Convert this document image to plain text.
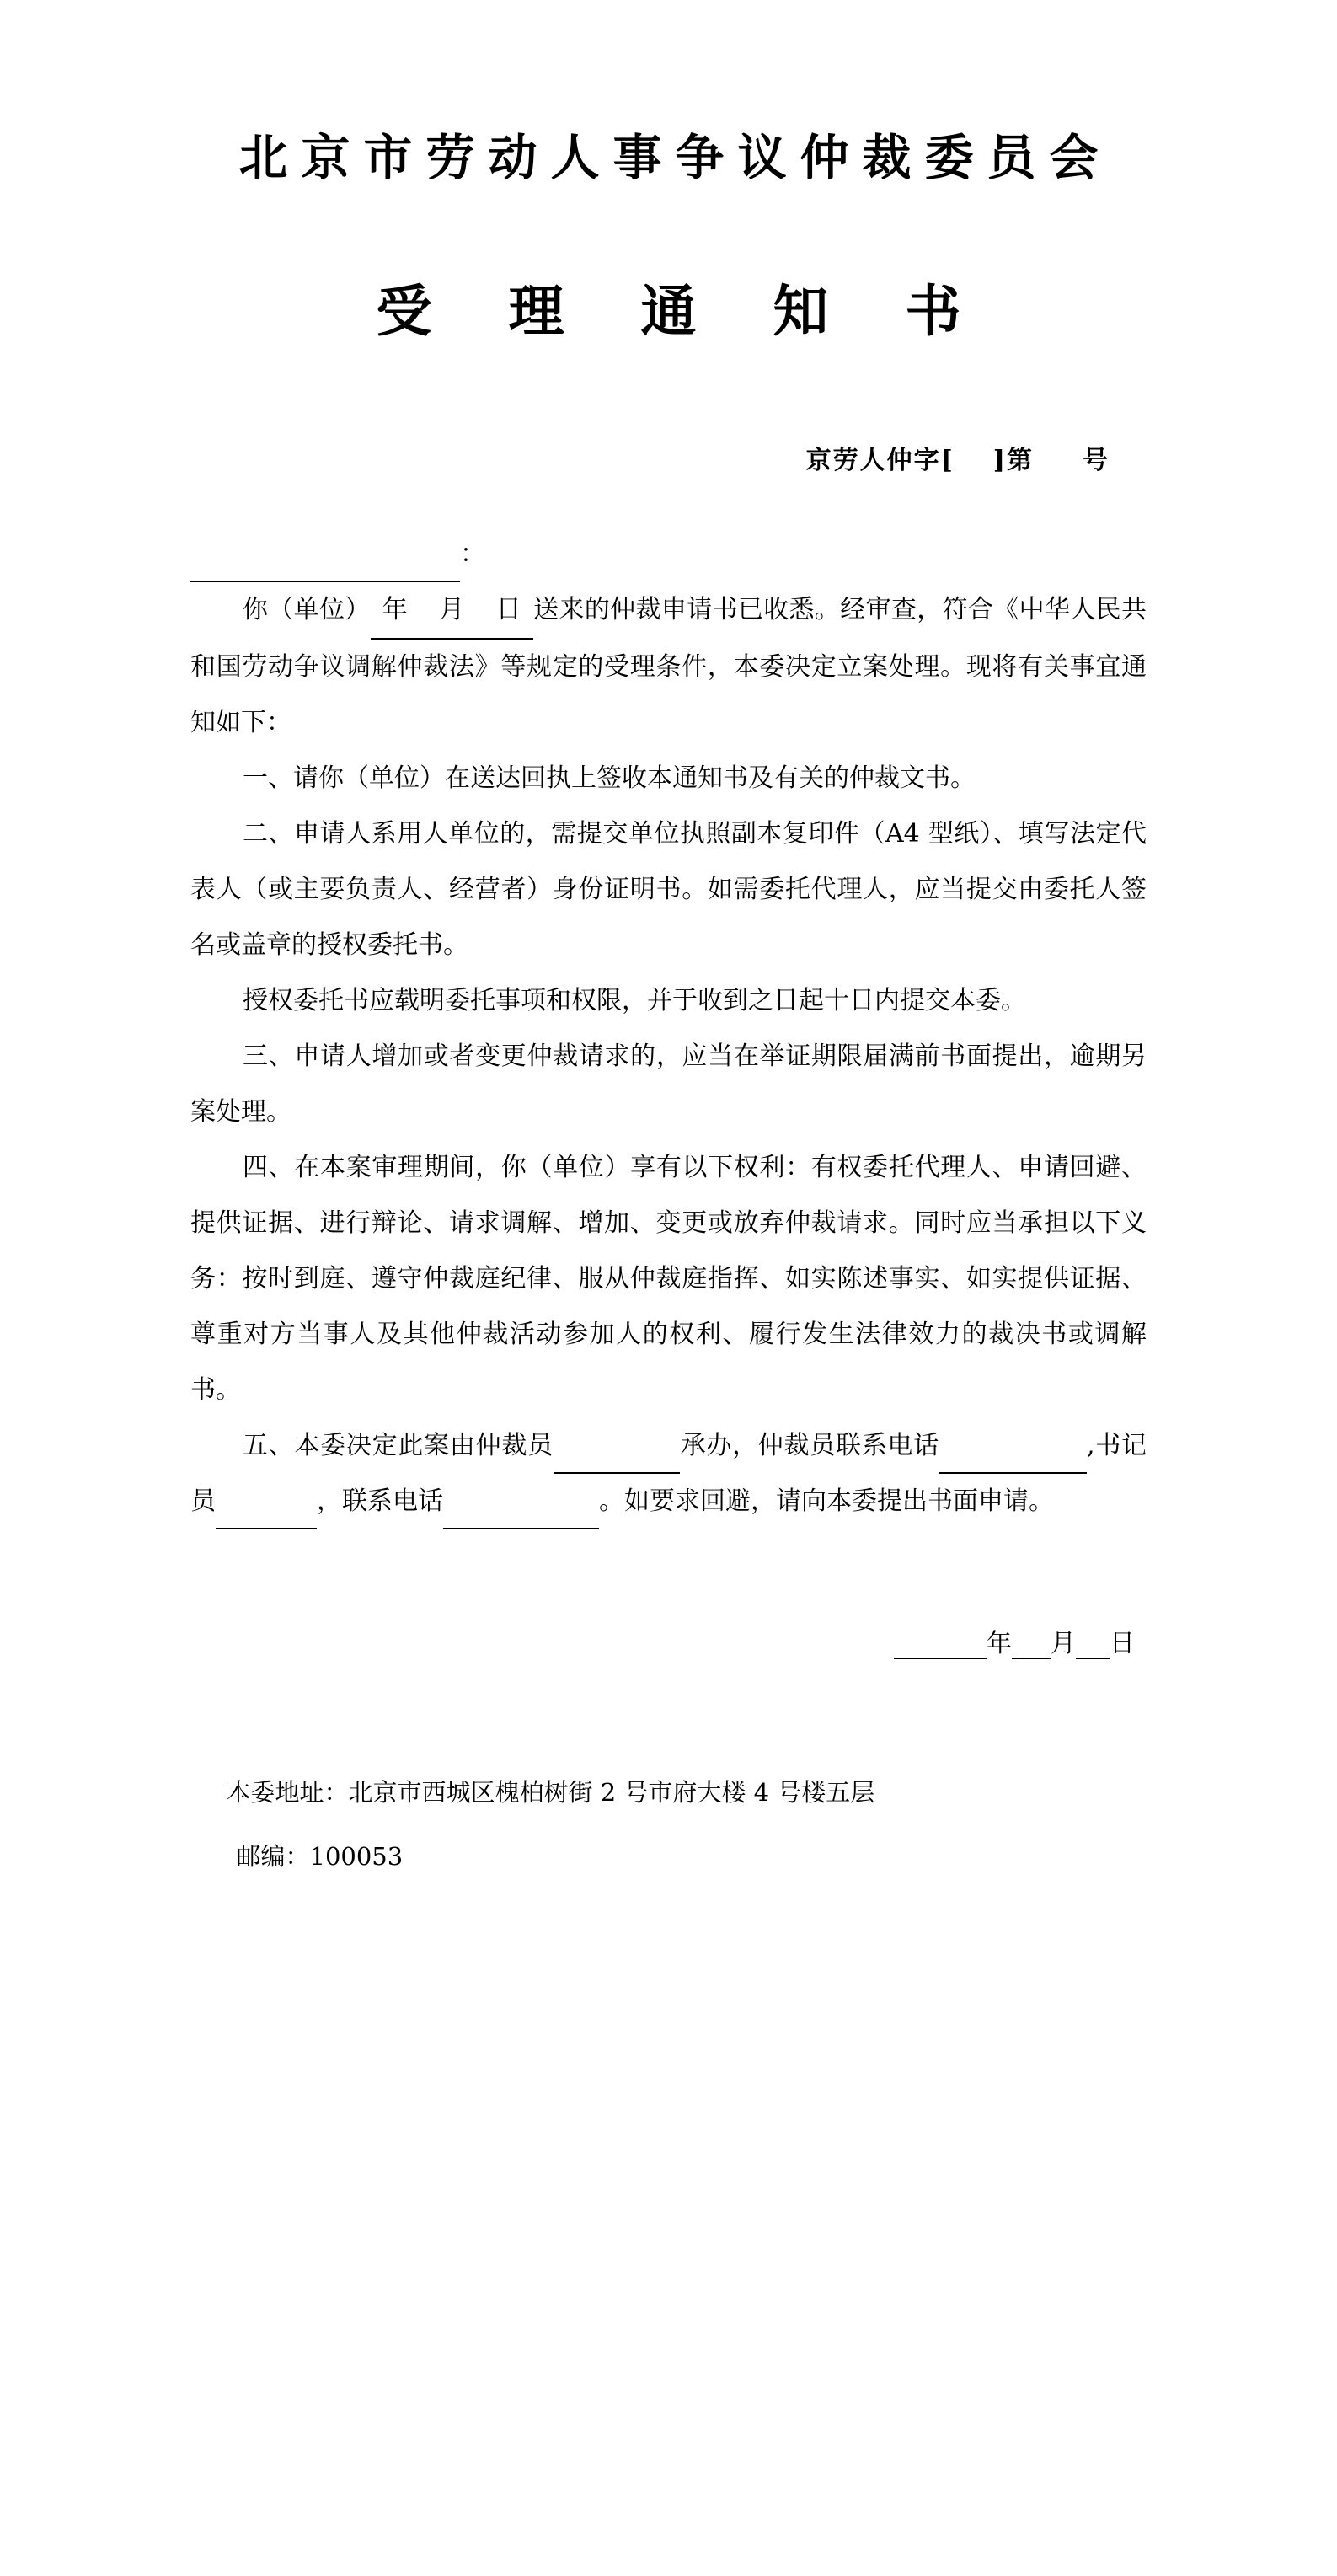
北京市劳动人事争议仲裁委员会
受 理 通 知 书
京劳人仲字[ ]第 号
：

你（单位） 年 月 日送来的仲裁申请书已收悉。经审查，符合《中华人民共和国劳动争议调解仲裁法》等规定的受理条件，本委决定立案处理。现将有关事宜通知如下：

一、请你（单位）在送达回执上签收本通知书及有关的仲裁文书。

二、申请人系用人单位的，需提交单位执照副本复印件（A4 型纸）、填写法定代表人（或主要负责人、经营者）身份证明书。如需委托代理人，应当提交由委托人签名或盖章的授权委托书。

授权委托书应载明委托事项和权限，并于收到之日起十日内提交本委。

三、申请人增加或者变更仲裁请求的，应当在举证期限届满前书面提出，逾期另案处理。

四、在本案审理期间，你（单位）享有以下权利：有权委托代理人、申请回避、提供证据、进行辩论、请求调解、增加、变更或放弃仲裁请求。同时应当承担以下义务：按时到庭、遵守仲裁庭纪律、服从仲裁庭指挥、如实陈述事实、如实提供证据、尊重对方当事人及其他仲裁活动参加人的权利、履行发生法律效力的裁决书或调解书。

五、本委决定此案由仲裁员	承办，仲裁员联系电话	,书记员	，联系电话	。如要求回避，请向本委提出书面申请。

年 月 日
本委地址：北京市西城区槐柏树街 2 号市府大楼 4 号楼五层
邮编：100053
